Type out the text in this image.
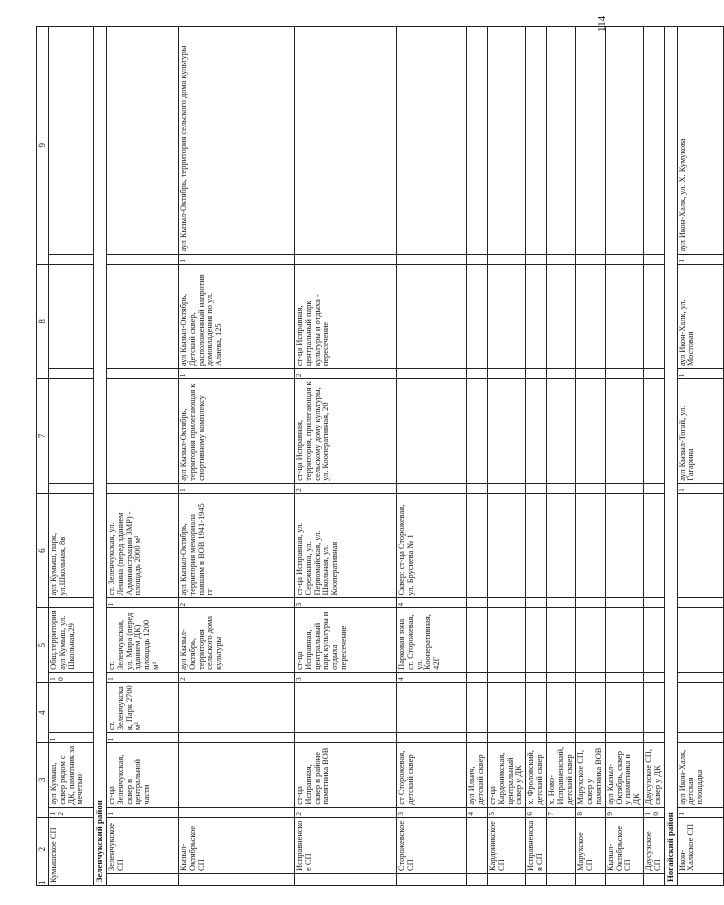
114
1
2		3		4		5		6		7		8		9	
Кумышское СП		12	аул Кумыш, сквер рядом с ДК, памятник за мечетью	1		10	Общ.территория аул Кумыш, ул. Школьная,29		аул Кумыш, парк, ул.Школьная, 8в						
Зеленчукский район															
	Зеленчукское СП	1	ст-ца Зеленчукская, сквер в центральной части	1	ст. Зеленчукская, Парк 2700 м²	1	ст. Зеленчукская, ул. Мира (перед зданием ДК) площадь 1200 м²	1	ст. Зеленчукская, ул. Ленина (перед зданием Администрации ЗМР) - площадь 2000 м²						
	Кызыл-Октябрьское СП					2	аул Кызыл-Октябрь, территория сельского дома культуры	2	аул Кызыл-Октябрь, территория мемориала павшим в ВОВ 1941-1945 гг	1	аул Кызыл-Октябрь, территория прилегающая к спортивному комплексу	1	аул Кызыл-Октябрь, Детский сквер, расположенный напротив домовладения по ул. Алиева, 125	1	аул Кызыл-Октябрь, территория сельского дома культуры
	Исправненское СП	2	ст-ца Исправная, сквер в районе памятника ВОВ			3	ст-ца Исправная, центральный парк культуры и отдыха пересечение	3	ст-ца Исправная, ул. Сережкина, ул. Первомайская, ул. Школьная, ул. Кооперативная	2	ст-ца Исправная, территория, прилегающая к сельскому дому культуры, ул. Кооперативная, 20	2	ст-ца Исправная, центральный парк культуры и отдыха - пересечение		
	Сторожевское СП	3	ст Сторожевая, детский сквер			4	Парковая зона ст. Сторожевая, ул. Кооперативная, 42Г	4	Сквер: ст-ца Сторожевая, ул. Брусиева № 1						
		4	аул Ильич, детский сквер												
	Кардоникское СП	5	ст-ца Кардоникская, центральный сквер у ДК												
	Исправненская СП	6	х. Фроловский, детский сквер												
		7	х. Ново-Исправненский, детский сквер												
	Марухское СП	8	Марухское СП, сквер у памятника ВОВ												
	Кызыл-Октябрьское СП	9	аул Кызыл-Октябрь, сквер у памятника и ДК												
	Даусузское СП	10	Даусузское СП, сквер у ДК												
Ногайский район															
	Икон-Халкское СП	1	аул Икон-Халк, детская площадка							1	аул Кызыл-Тогай, ул. Гагарина	1	аул Икон-Халк, ул. Мостовая	1	аул Икон-Халк, ул. Х. Кумукова
